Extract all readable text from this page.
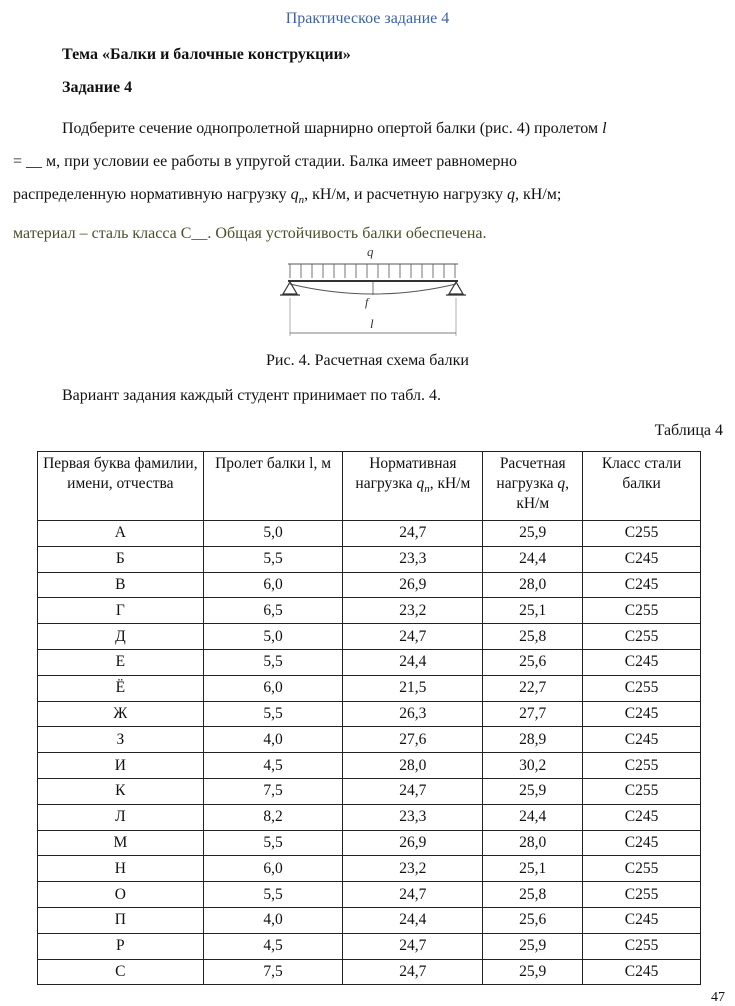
Практическое задание 4
Тема «Балки и балочные конструкции»
Задание 4
Подберите сечение однопролетной шарнирно опертой балки (рис. 4) пролетом l
= __ м, при условии ее работы в упругой стадии. Балка имеет равномерно
распределенную нормативную нагрузку $q_n$, кН/м, и расчетную нагрузку q, кН/м;
материал – сталь класса С__. Общая устойчивость балки обеспечена.
q
f
l
Рис. 4. Расчетная схема балки
Вариант задания каждый студент принимает по табл. 4.
Таблица 4
Первая буква фамилии, имени, отчества	Пролет балки l, м	Нормативная нагрузка $q_n$, кН/м	Расчетная нагрузка q, кН/м	Класс стали балки
А	5,0	24,7	25,9	С255
Б	5,5	23,3	24,4	С245
В	6,0	26,9	28,0	С245
Г	6,5	23,2	25,1	С255
Д	5,0	24,7	25,8	С255
Е	5,5	24,4	25,6	С245
Ё	6,0	21,5	22,7	С255
Ж	5,5	26,3	27,7	С245
З	4,0	27,6	28,9	С245
И	4,5	28,0	30,2	С255
К	7,5	24,7	25,9	С255
Л	8,2	23,3	24,4	С245
М	5,5	26,9	28,0	С245
Н	6,0	23,2	25,1	С255
О	5,5	24,7	25,8	С255
П	4,0	24,4	25,6	С245
Р	4,5	24,7	25,9	С255
С	7,5	24,7	25,9	С245
47
